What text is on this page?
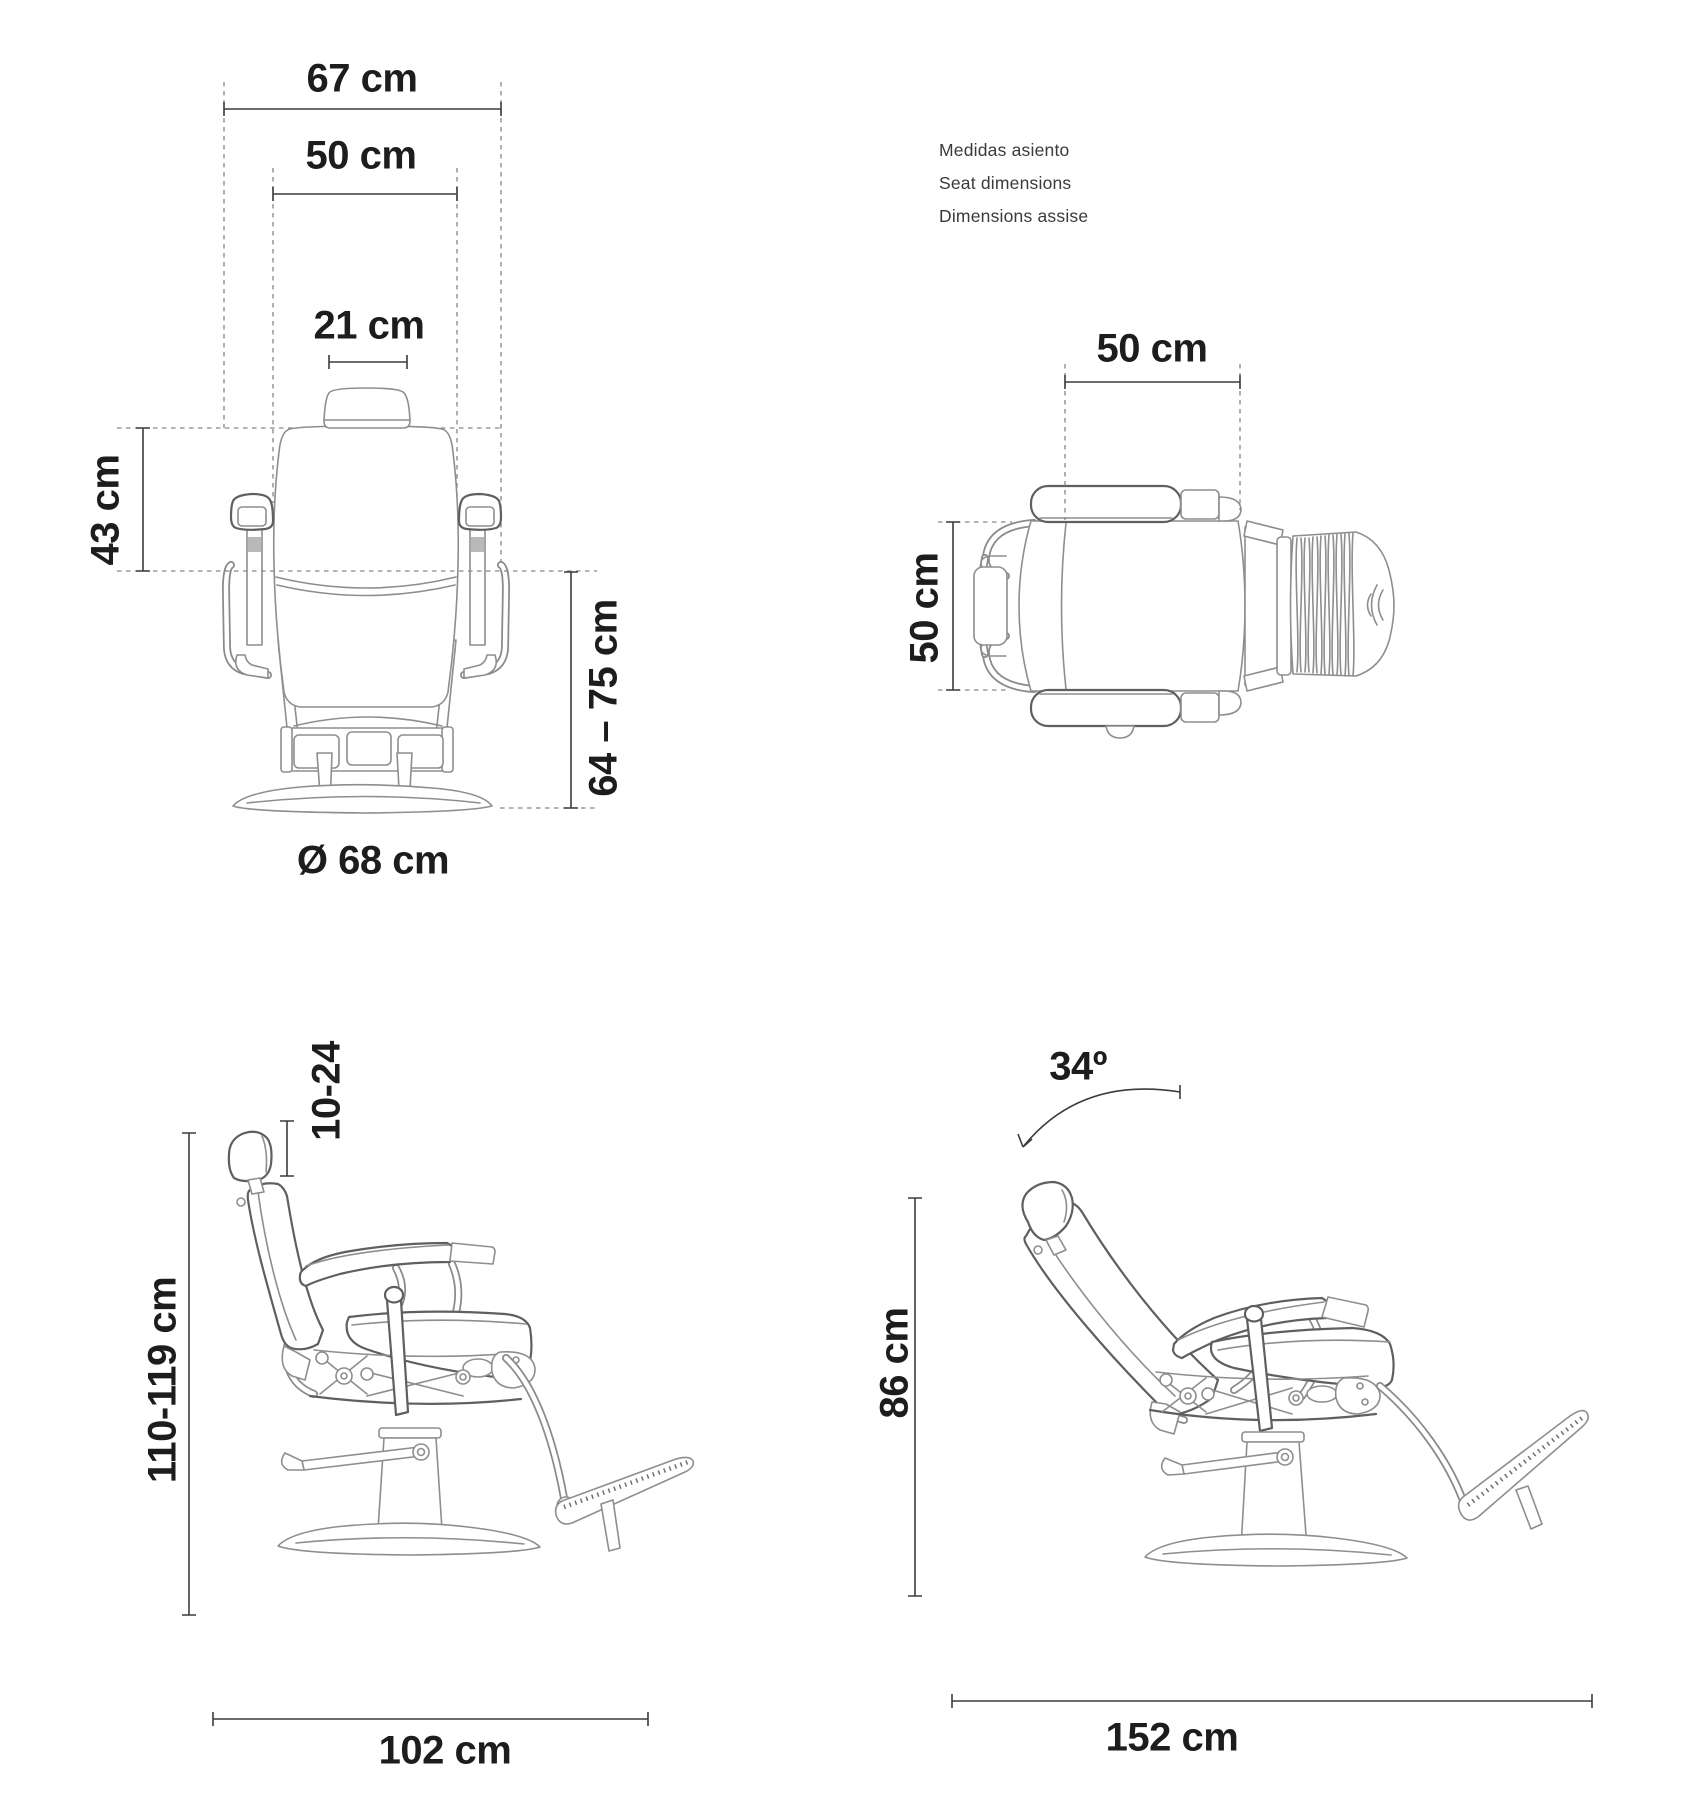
67 cm
50 cm
21 cm
43 cm
64 – 75 cm
Ø 68 cm
Medidas asiento
Seat dimensions
Dimensions assise
50 cm
50 cm
10-24
110-119 cm
102 cm
34º
86 cm
152 cm
